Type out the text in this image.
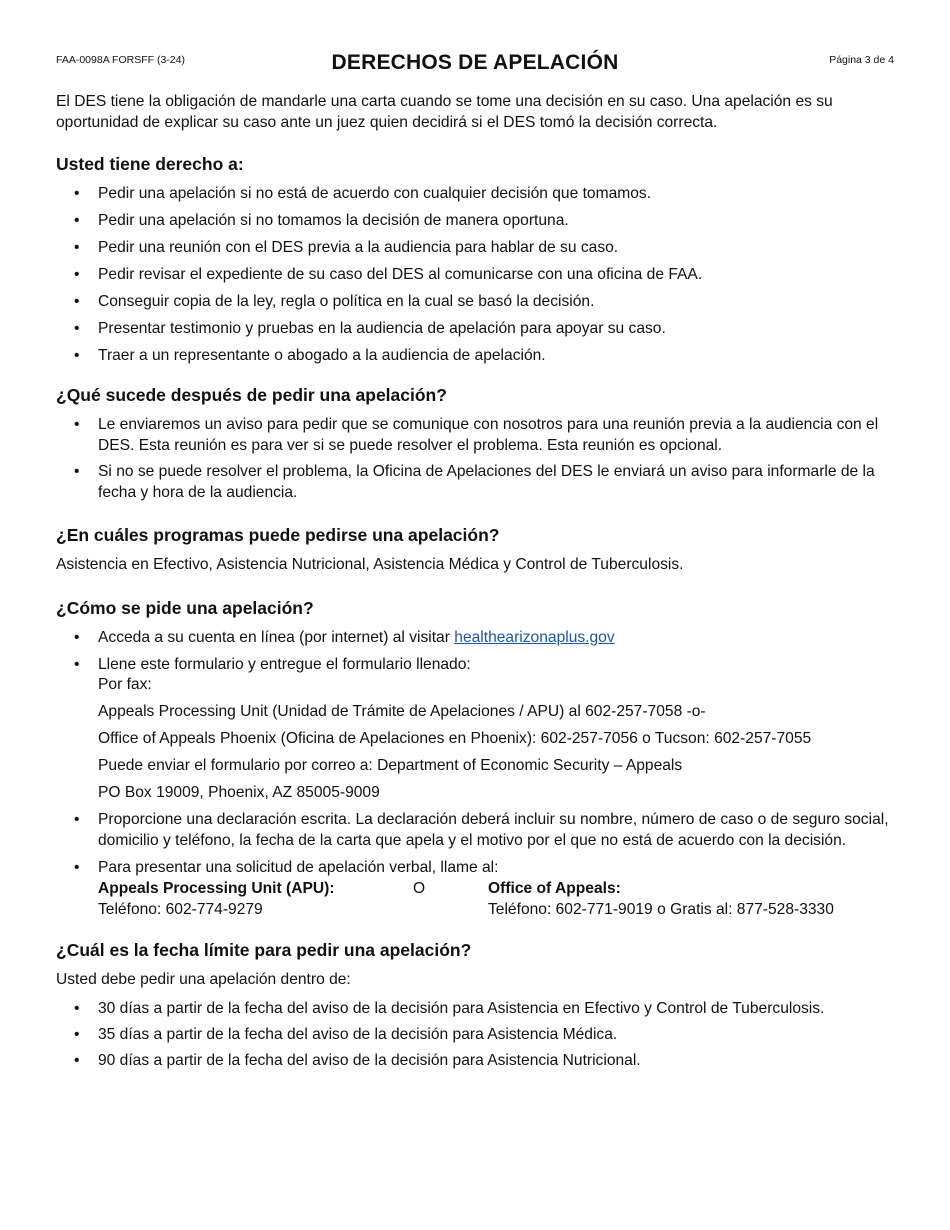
FAA-0098A FORSFF (3-24)	DERECHOS DE APELACIÓN	Página 3 de 4

El DES tiene la obligación de mandarle una carta cuando se tome una decisión en su caso. Una apelación es su oportunidad de explicar su caso ante un juez quien decidirá si el DES tomó la decisión correcta.

Usted tiene derecho a:
• Pedir una apelación si no está de acuerdo con cualquier decisión que tomamos.
• Pedir una apelación si no tomamos la decisión de manera oportuna.
• Pedir una reunión con el DES previa a la audiencia para hablar de su caso.
• Pedir revisar el expediente de su caso del DES al comunicarse con una oficina de FAA.
• Conseguir copia de la ley, regla o política en la cual se basó la decisión.
• Presentar testimonio y pruebas en la audiencia de apelación para apoyar su caso.
• Traer a un representante o abogado a la audiencia de apelación.
¿Qué sucede después de pedir una apelación?
• Le enviaremos un aviso para pedir que se comunique con nosotros para una reunión previa a la audiencia con el DES. Esta reunión es para ver si se puede resolver el problema. Esta reunión es opcional.
• Si no se puede resolver el problema, la Oficina de Apelaciones del DES le enviará un aviso para informarle de la fecha y hora de la audiencia.
¿En cuáles programas puede pedirse una apelación?

Asistencia en Efectivo, Asistencia Nutricional, Asistencia Médica y Control de Tuberculosis.

¿Cómo se pide una apelación?
• Acceda a su cuenta en línea (por internet) al visitar healthearizonaplus.gov
• Llene este formulario y entregue el formulario llenado:
Por fax:
Appeals Processing Unit (Unidad de Trámite de Apelaciones / APU) al 602-257-7058 -o-
Office of Appeals Phoenix (Oficina de Apelaciones en Phoenix): 602-257-7056 o Tucson: 602-257-7055
Puede enviar el formulario por correo a: Department of Economic Security – Appeals
PO Box 19009, Phoenix, AZ 85005-9009
• Proporcione una declaración escrita. La declaración deberá incluir su nombre, número de caso o de seguro social, domicilio y teléfono, la fecha de la carta que apela y el motivo por el que no está de acuerdo con la decisión.
• Para presentar una solicitud de apelación verbal, llame al:
Appeals Processing Unit (APU):	O	Office of Appeals:
Teléfono: 602-774-9279	Teléfono: 602-771-9019 o Gratis al: 877-528-3330
¿Cuál es la fecha límite para pedir una apelación?

Usted debe pedir una apelación dentro de:

• 30 días a partir de la fecha del aviso de la decisión para Asistencia en Efectivo y Control de Tuberculosis.
• 35 días a partir de la fecha del aviso de la decisión para Asistencia Médica.
• 90 días a partir de la fecha del aviso de la decisión para Asistencia Nutricional.
